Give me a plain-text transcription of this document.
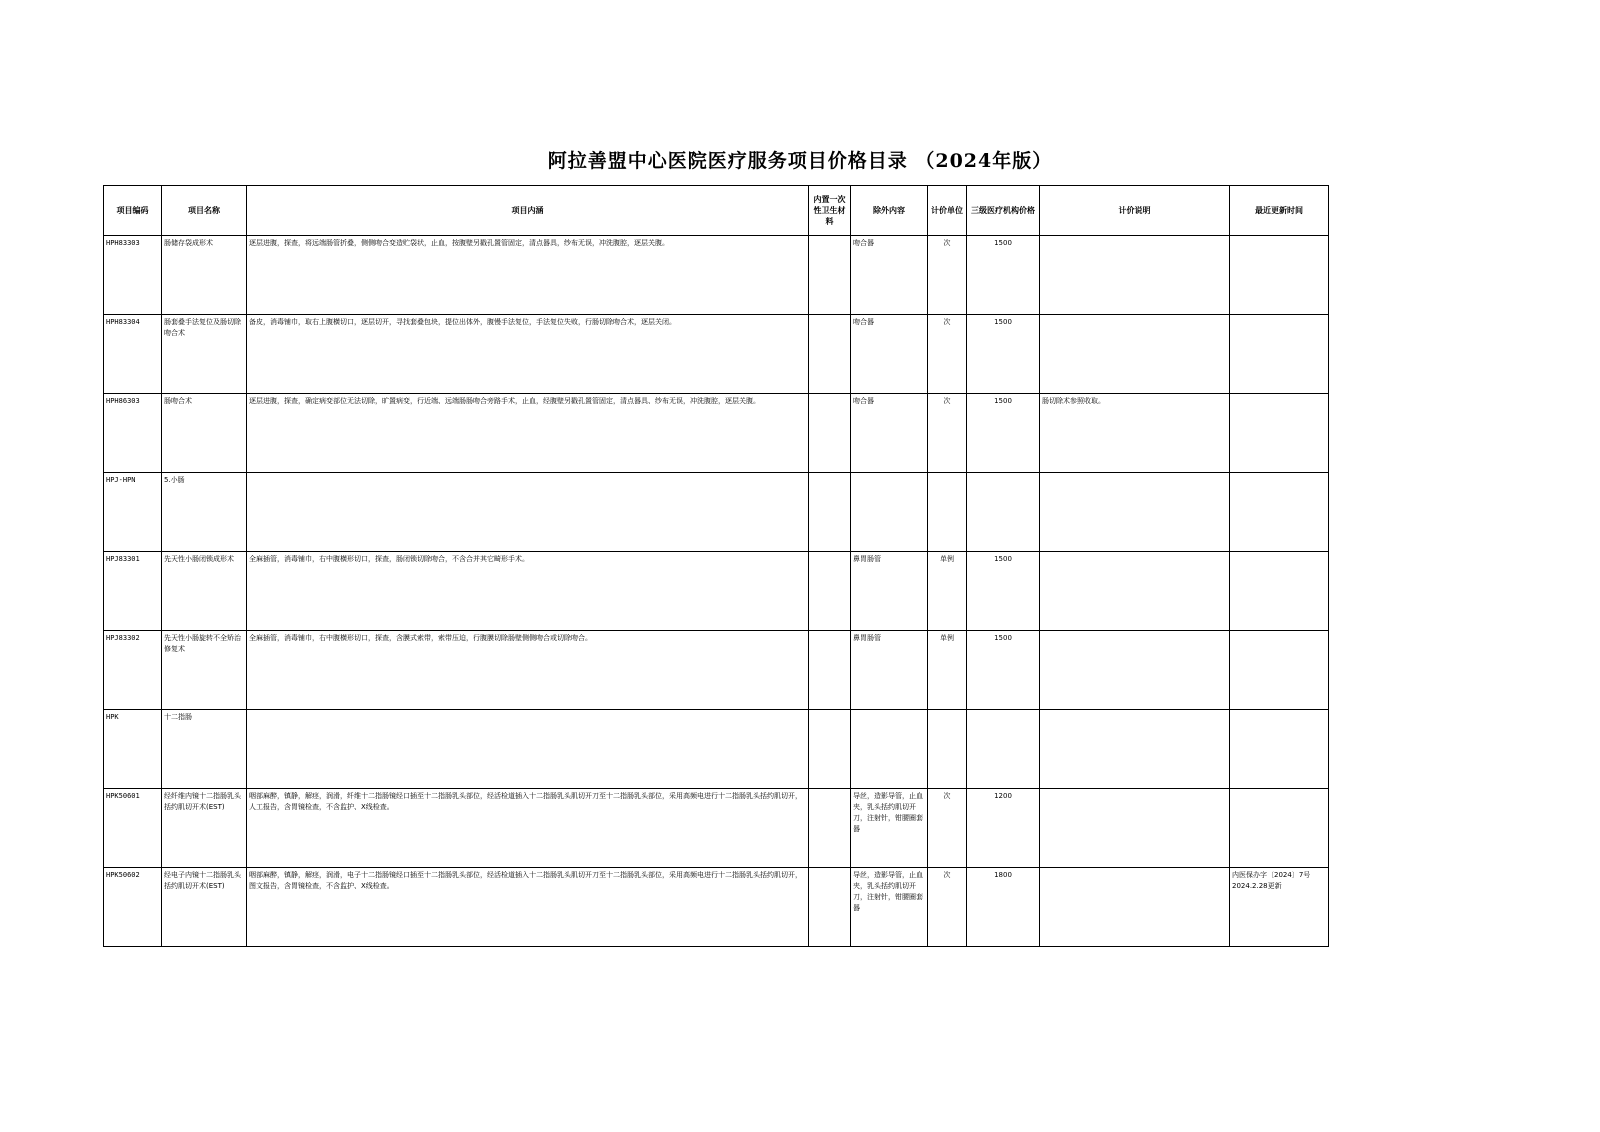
阿拉善盟中心医院医疗服务项目价格目录 （2024年版）
项目编码	项目名称	项目内涵	内置一次性卫生材料	除外内容	计价单位	三级医疗机构价格	计价说明	最近更新时间
HPH83303	肠储存袋成形术	逐层进腹，探查，将远端肠管折叠，侧侧吻合变造贮袋状，止血，按腹壁另戳孔置管固定，清点器具，纱布无误，冲洗腹腔，逐层关腹。		吻合器	次	1500		
HPH83304	肠套叠手法复位及肠切除吻合术	备皮，消毒铺巾，取右上腹横切口，逐层切开，寻找套叠包块，提位出体外，腹慢手法复位，手法复位失败，行肠切除吻合术，逐层关闭。		吻合器	次	1500		
HPH86303	肠吻合术	逐层进腹，探查，确定病变部位无法切除，旷置病变，行近端、远端肠肠吻合旁路手术，止血，经腹壁另戳孔置管固定，清点器具、纱布无误，冲洗腹腔，逐层关腹。		吻合器	次	1500	肠切除术参照收取。	
HPJ-HPN	5.小肠							
HPJ83301	先天性小肠闭锁成形术	全麻插管，消毒铺巾，右中腹横形切口，探查，肠闭锁切除吻合，不含合并其它畸形手术。		鼻胃肠管	单例	1500		
HPJ83302	先天性小肠旋转不全矫治修复术	全麻插管，消毒铺巾，右中腹横形切口，探查，含膜式索带，索带压迫，行腹膜切除肠壁侧侧吻合或切除吻合。		鼻胃肠管	单例	1500		
HPK	十二指肠							
HPK50601	经纤维内镜十二指肠乳头括约肌切开术(EST)	咽部麻醉，镇静，解痉，润滑，纤维十二指肠镜经口插至十二指肠乳头部位，经活检道插入十二指肠乳头肌切开刀至十二指肠乳头部位，采用高频电进行十二指肠乳头括约肌切开，人工报告，含胃镜检查，不含监护、X线检查。		导丝，造影导管，止血夹，乳头括约肌切开刀，注射针，钳腰圈套器	次	1200		
HPK50602	经电子内镜十二指肠乳头括约肌切开术(EST)	咽部麻醉，镇静，解痉，润滑，电子十二指肠镜经口插至十二指肠乳头部位，经活检道插入十二指肠乳头肌切开刀至十二指肠乳头部位，采用高频电进行十二指肠乳头括约肌切开，图文报告，含胃镜检查，不含监护、X线检查。		导丝，造影导管，止血夹，乳头括约肌切开刀，注射针，钳腰圈套器	次	1800		内医保办字〔2024〕7号 2024.2.28更新
